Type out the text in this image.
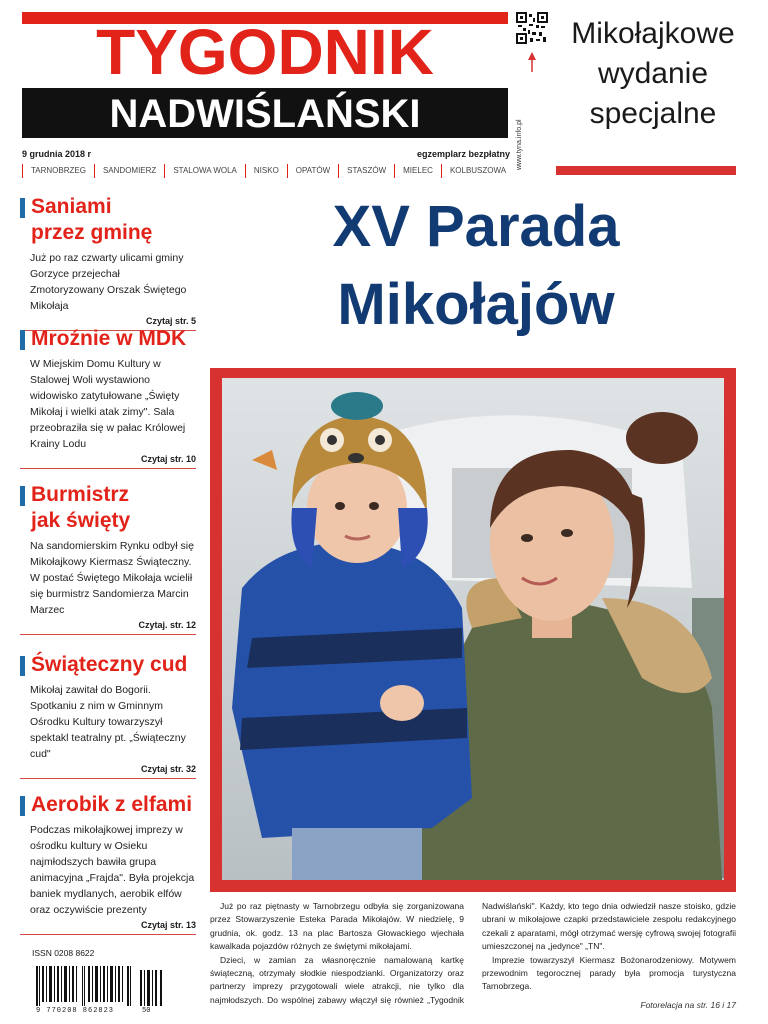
TYGODNIK
NADWIŚLAŃSKI
9 grudnia 2018 r	egzemplarz bezpłatny
TARNOBRZEG	SANDOMIERZ	STALOWA WOLA	NISKO	OPATÓW	STASZÓW	MIELEC	KOLBUSZOWA
www.tyna.info.pl
Mikołajkowe
wydanie
specjalne
Saniami
przez gminę
Już po raz czwarty ulicami gminy Gorzyce przejechał Zmotoryzowany Orszak Świętego Mikołaja
Czytaj str. 5
Mroźnie w MDK
W Miejskim Domu Kultury w Stalowej Woli wystawiono widowisko zatytułowane „Święty Mikołaj i wielki atak zimy". Sala przeobraziła się w pałac Królowej Krainy Lodu
Czytaj str. 10
Burmistrz
jak święty
Na sandomierskim Rynku odbył się Mikołajkowy Kiermasz Świąteczny. W postać Świętego Mikołaja wcielił się burmistrz Sandomierza Marcin Marzec
Czytaj. str. 12
Świąteczny cud
Mikołaj zawitał do Bogorii. Spotkaniu z nim w Gminnym Ośrodku Kultury towarzyszył spektakl teatralny pt. „Świąteczny cud"
Czytaj str. 32
Aerobik z elfami
Podczas mikołajkowej imprezy w ośrodku kultury w Osieku najmłodszych bawiła grupa animacyjna „Frajda". Była projekcja baniek mydlanych, aerobik elfów oraz oczywiście prezenty
Czytaj str. 13
XV Parada
Mikołajów

Już po raz piętnasty w Tarnobrzegu odbyła się zorganizowana przez Stowarzyszenie Esteka Parada Mikołajów. W niedzielę, 9 grudnia, ok. godz. 13 na plac Bartosza Głowackiego wjechała kawalkada pojazdów różnych ze świętymi mikołajami.

Dzieci, w zamian za własnoręcznie namalowaną kartkę świąteczną, otrzymały słodkie niespodzianki. Organizatorzy oraz partnerzy imprezy przygotowali wiele atrakcji, nie tylko dla najmłodszych. Do wspólnej zabawy włączył się również „Tygodnik Nadwiślański". Każdy, kto tego dnia odwiedził nasze stoisko, gdzie ubrani w mikołajowe czapki przedstawiciele zespołu redakcyjnego czekali z aparatami, mógł otrzymać wersję cyfrową swojej fotografii umieszczonej na „jedynce" „TN".

Imprezie towarzyszył Kiermasz Bożonarodzeniowy. Motywem przewodnim tegorocznej parady była promocja turystyczna Tarnobrzega.

Fotorelacja na str. 16 i 17
ISSN 0208 8622
9 770208 862823	50
